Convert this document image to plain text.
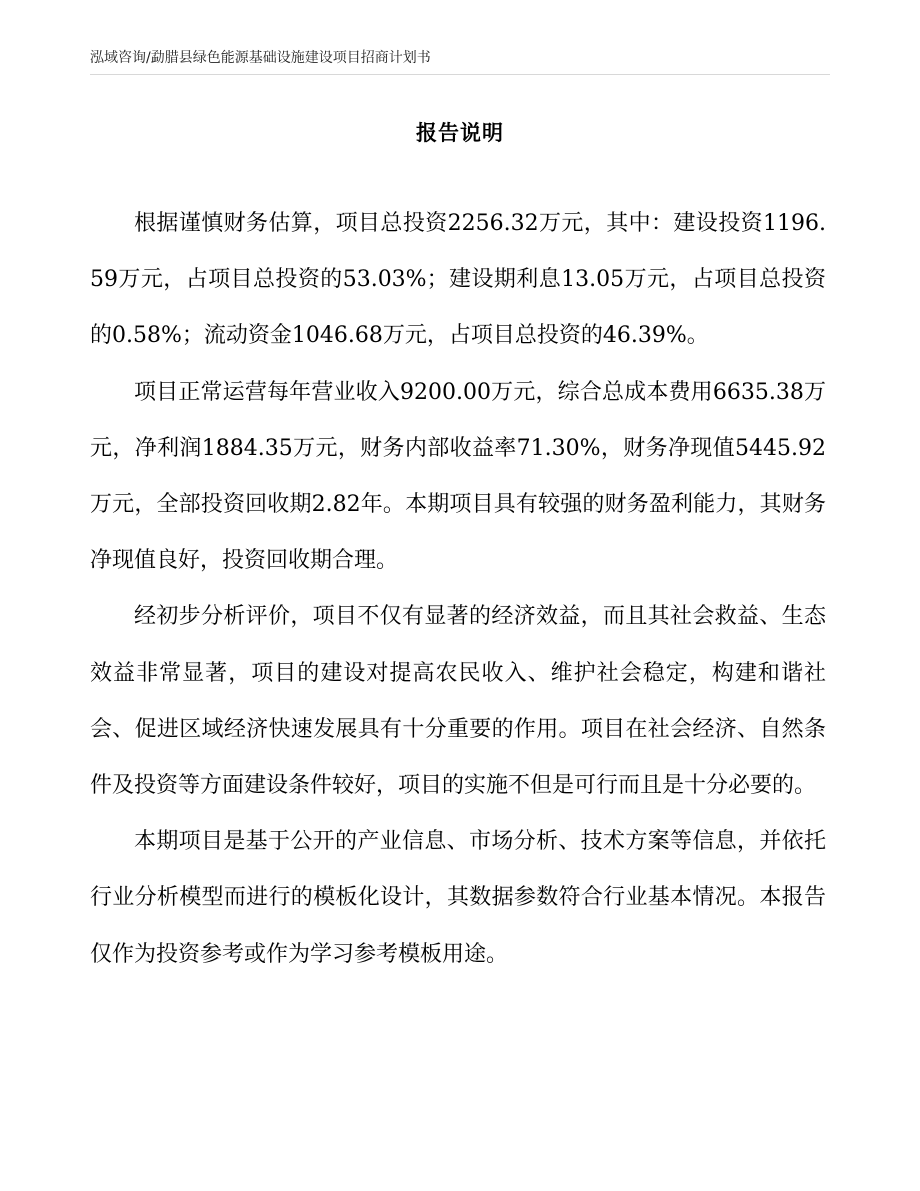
泓域咨询/勐腊县绿色能源基础设施建设项目招商计划书
报告说明

根据谨慎财务估算，项目总投资2256.32万元，其中：建设投资1196.59万元，占项目总投资的53.03%；建设期利息13.05万元，占项目总投资的0.58%；流动资金1046.68万元，占项目总投资的46.39%。

项目正常运营每年营业收入9200.00万元，综合总成本费用6635.38万元，净利润1884.35万元，财务内部收益率71.30%，财务净现值5445.92万元，全部投资回收期2.82年。本期项目具有较强的财务盈利能力，其财务净现值良好，投资回收期合理。

经初步分析评价，项目不仅有显著的经济效益，而且其社会救益、生态效益非常显著，项目的建设对提高农民收入、维护社会稳定，构建和谐社会、促进区域经济快速发展具有十分重要的作用。项目在社会经济、自然条件及投资等方面建设条件较好，项目的实施不但是可行而且是十分必要的。

本期项目是基于公开的产业信息、市场分析、技术方案等信息，并依托行业分析模型而进行的模板化设计，其数据参数符合行业基本情况。本报告仅作为投资参考或作为学习参考模板用途。
